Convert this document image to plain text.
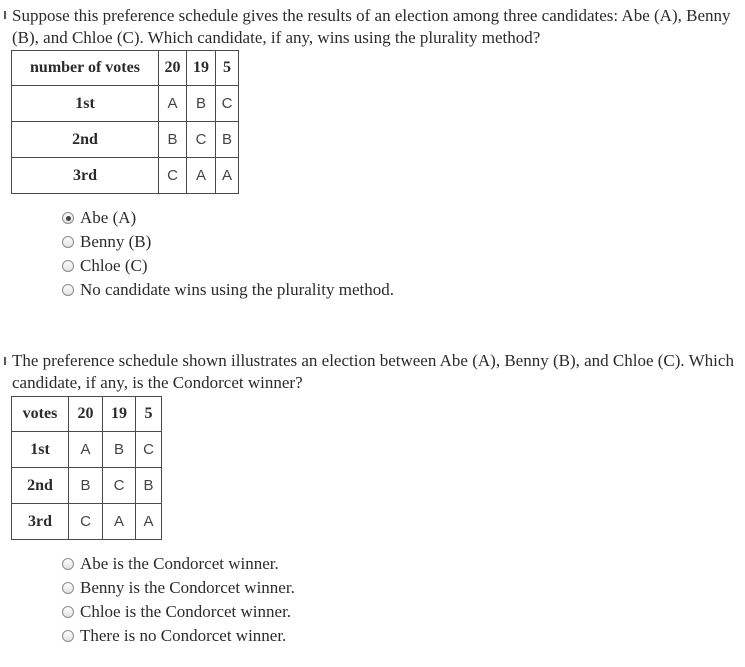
Suppose this preference schedule gives the results of an election among three candidates: Abe (A), Benny (B), and Chloe (C). Which candidate, if any, wins using the plurality method?

number of votes	20	19	5
1st	A	B	C
2nd	B	C	B
3rd	C	A	A
Abe (A)
Benny (B)
Chloe (C)
No candidate wins using the plurality method.

The preference schedule shown illustrates an election between Abe (A), Benny (B), and Chloe (C). Which candidate, if any, is the Condorcet winner?

votes	20	19	5
1st	A	B	C
2nd	B	C	B
3rd	C	A	A
Abe is the Condorcet winner.
Benny is the Condorcet winner.
Chloe is the Condorcet winner.
There is no Condorcet winner.
